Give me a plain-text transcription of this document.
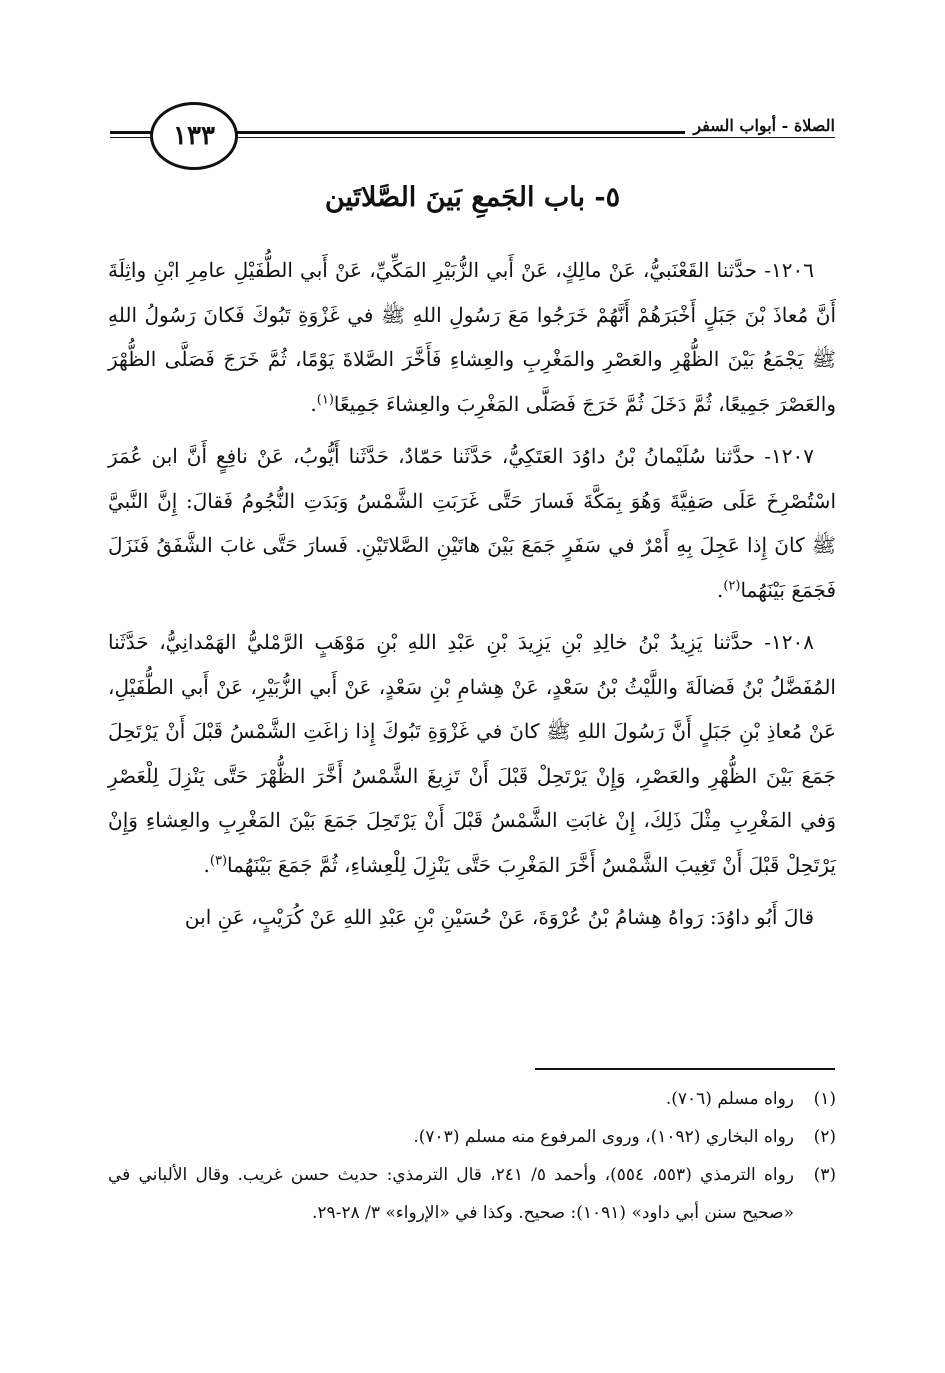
الصلاة - أبواب السفر
١٣٣
٥- باب الجَمعِ بَينَ الصَّلاتَين

١٢٠٦- حدَّثنا القَعْنَبيُّ، عَنْ مالِكٍ، عَنْ أَبي الزُّبَيْرِ المَكِّيِّ، عَنْ أَبي الطُّفَيْلِ عامِرِ ابْنِ واثِلَةَ أَنَّ مُعاذَ بْنَ جَبَلٍ أَخْبَرَهُمْ أَنَّهُمْ خَرَجُوا مَعَ رَسُولِ اللهِ ﷺ في غَزْوَةِ تَبُوكَ فَكانَ رَسُولُ اللهِ ﷺ يَجْمَعُ بَيْنَ الظُّهْرِ والعَصْرِ والمَغْرِبِ والعِشاءِ فَأَخَّرَ الصَّلاةَ يَوْمًا، ثُمَّ خَرَجَ فَصَلَّى الظُّهْرَ والعَصْرَ جَمِيعًا، ثُمَّ دَخَلَ ثُمَّ خَرَجَ فَصَلَّى المَغْرِبَ والعِشاءَ جَمِيعًا$^{(١)}$.

١٢٠٧- حدَّثنا سُلَيْمانُ بْنُ داوُدَ العَتَكِيُّ، حَدَّثَنا حَمّادٌ، حَدَّثَنا أَيُّوبُ، عَنْ نافِعٍ أَنَّ ابن عُمَرَ اسْتُصْرِخَ عَلَى صَفِيَّةَ وَهُوَ بِمَكَّةَ فَسارَ حَتَّى غَرَبَتِ الشَّمْسُ وَبَدَتِ النُّجُومُ فَقالَ: إِنَّ النَّبيَّ ﷺ كانَ إِذا عَجِلَ بِهِ أَمْرٌ في سَفَرٍ جَمَعَ بَيْنَ هاتَيْنِ الصَّلاتَيْنِ. فَسارَ حَتَّى غابَ الشَّفَقُ فَنَزَلَ فَجَمَعَ بَيْنَهُما$^{(٢)}$.

١٢٠٨- حدَّثنا يَزِيدُ بْنُ خالِدِ بْنِ يَزِيدَ بْنِ عَبْدِ اللهِ بْنِ مَوْهَبٍ الرَّمْليُّ الهَمْدانِيُّ، حَدَّثَنا المُفَضَّلُ بْنُ فَضالَةَ واللَّيْثُ بْنُ سَعْدٍ، عَنْ هِشامِ بْنِ سَعْدٍ، عَنْ أَبي الزُّبَيْرِ، عَنْ أَبي الطُّفَيْلِ، عَنْ مُعاذِ بْنِ جَبَلٍ أَنَّ رَسُولَ اللهِ ﷺ كانَ في غَزْوَةِ تَبُوكَ إِذا زاغَتِ الشَّمْسُ قَبْلَ أَنْ يَرْتَحِلَ جَمَعَ بَيْنَ الظُّهْرِ والعَصْرِ، وَإِنْ يَرْتَحِلْ قَبْلَ أَنْ تَزِيغَ الشَّمْسُ أَخَّرَ الظُّهْرَ حَتَّى يَنْزِلَ لِلْعَصْرِ وَفي المَغْرِبِ مِثْلَ ذَلِكَ، إِنْ غابَتِ الشَّمْسُ قَبْلَ أَنْ يَرْتَحِلَ جَمَعَ بَيْنَ المَغْرِبِ والعِشاءِ وَإِنْ يَرْتَحِلْ قَبْلَ أَنْ تَغِيبَ الشَّمْسُ أَخَّرَ المَغْرِبَ حَتَّى يَنْزِلَ لِلْعِشاءِ، ثُمَّ جَمَعَ بَيْنَهُما$^{(٣)}$.

قالَ أَبُو داوُدَ: رَواهُ هِشامُ بْنُ عُرْوَةَ، عَنْ حُسَيْنِ بْنِ عَبْدِ اللهِ عَنْ كُرَيْبٍ، عَنِ ابن

(١)
رواه مسلم (٧٠٦).
(٢)
رواه البخاري (١٠٩٢)، وروى المرفوع منه مسلم (٧٠٣).
(٣)
رواه الترمذي (٥٥٣، ٥٥٤)، وأحمد ٥/ ٢٤١، قال الترمذي: حديث حسن غريب. وقال الألباني في «صحيح سنن أبي داود» (١٠٩١): صحيح. وكذا في «الإرواء» ٣/ ٢٨-٢٩.
